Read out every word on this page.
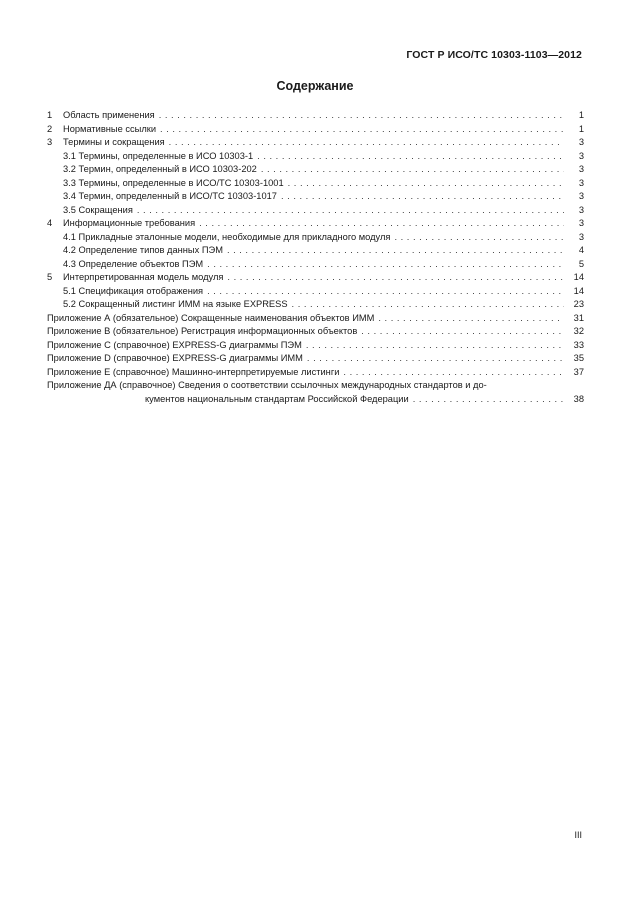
ГОСТ Р ИСО/ТС 10303-1103—2012
Содержание
1	Область применения . . .	1
2	Нормативные ссылки . . .	1
3	Термины и сокращения . . .	3
3.1 Термины, определенные в ИСО 10303-1 . . .	3
3.2 Термин, определенный в ИСО 10303-202 . . .	3
3.3 Термины, определенные в ИСО/ТС 10303-1001 . . .	3
3.4 Термин, определенный в ИСО/ТС 10303-1017 . . .	3
3.5 Сокращения . . .	3
4	Информационные требования . . .	3
4.1 Прикладные эталонные модели, необходимые для прикладного модуля . . .	3
4.2 Определение типов данных ПЭМ . . .	4
4.3 Определение объектов ПЭМ . . .	5
5	Интерпретированная модель модуля . . .	14
5.1 Спецификация отображения . . .	14
5.2 Сокращенный листинг ИММ на языке EXPRESS . . .	23
Приложение А (обязательное) Сокращенные наименования объектов ИММ . . .	31
Приложение В (обязательное) Регистрация информационных объектов . . .	32
Приложение С (справочное) EXPRESS-G диаграммы ПЭМ . . .	33
Приложение D (справочное) EXPRESS-G диаграммы ИММ . . .	35
Приложение E (справочное) Машинно-интерпретируемые листинги . . .	37
Приложение ДА (справочное) Сведения о соответствии ссылочных международных стандартов и до-
кументов национальным стандартам Российской Федерации . . .	38
III
